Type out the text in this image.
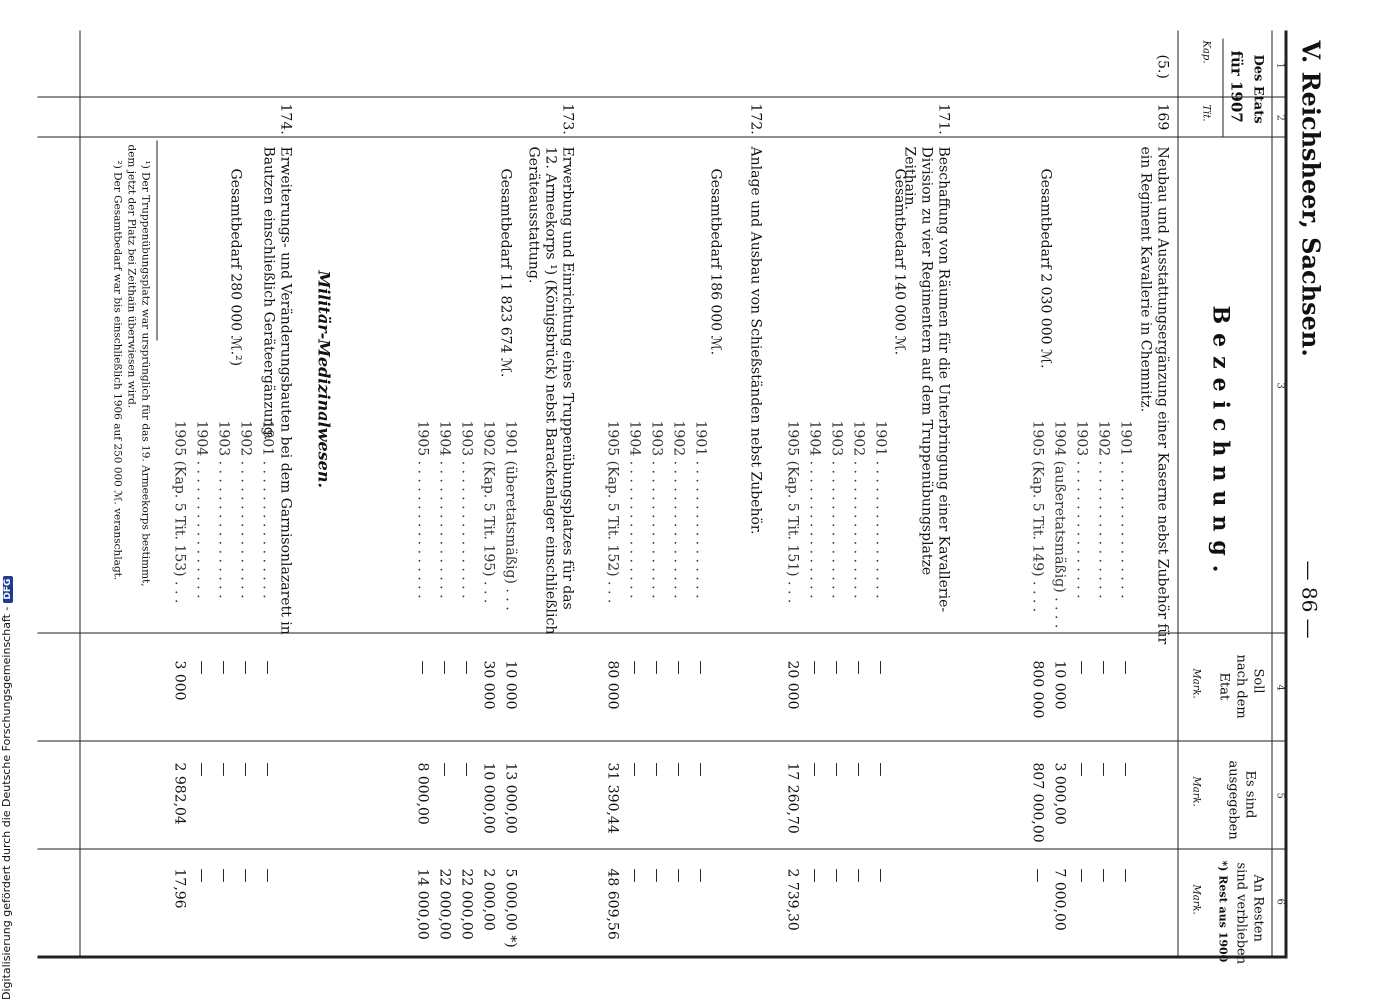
V. Reichsheer, Sachsen.
— 86 —
1
2
3
4
5
6
Des Etats
für 1907
Kap.
Tit.
Bezeichnung.
Soll
nach dem
Etat
Mark.
Es sind
ausgegeben
Mark.
An Resten
sind verblieben
*) Rest aus 1900
Mark.
(5.)
169
Neubau und Ausstattungsergänzung einer Kaserne nebst Zubehör für
ein Regiment Kavallerie in Chemnitz.
Gesamtbedarf 2 030 000 ℳ.
1901 . . . . . . . . . . . . . . . .
—
—
—
1902 . . . . . . . . . . . . . . . .
—
—
—
1903 . . . . . . . . . . . . . . . .
—
—
—
1904 (außeretatsmäßig) . . . .
10 000
3 000,00
7 000,00
1905 (Kap. 5 Tit. 149) . . . .
800 000
807 000,00
—
171.
Beschaffung von Räumen für die Unterbringung einer Kavallerie-
Division zu vier Regimentern auf dem Truppenübungsplatze
Zeithain.
Gesamtbedarf 140 000 ℳ.
1901 . . . . . . . . . . . . . . . .
—
—
—
1902 . . . . . . . . . . . . . . . .
—
—
—
1903 . . . . . . . . . . . . . . . .
—
—
—
1904 . . . . . . . . . . . . . . . .
—
—
—
1905 (Kap. 5 Tit. 151) . . .
20 000
17 260,70
2 739,30
172.
Anlage und Ausbau von Schießständen nebst Zubehör.
Gesamtbedarf 186 000 ℳ.
1901 . . . . . . . . . . . . . . . .
—
—
—
1902 . . . . . . . . . . . . . . . .
—
—
—
1903 . . . . . . . . . . . . . . . .
—
—
—
1904 . . . . . . . . . . . . . . . .
—
—
—
1905 (Kap. 5 Tit. 152) . . .
80 000
31 390,44
48 609,56
173.
Erwerbung und Einrichtung eines Truppenübungsplatzes für das
12. Armeekorps ¹) (Königsbrück) nebst Barackenlager einschließlich
Geräteausstattung.
Gesamtbedarf 11 823 674 ℳ.
1901 (überetatsmäßig) . . .
10 000
13 000,00
5 000,00 *)
1902 (Kap. 5 Tit. 195) . . .
30 000
10 000,00
2 000,00
1903 . . . . . . . . . . . . . . . .
—
—
22 000,00
1904 . . . . . . . . . . . . . . . .
—
—
22 000,00
1905 . . . . . . . . . . . . . . . .
—
8 000,00
14 000,00
Militär-Medizinalwesen.
174.
Erweiterungs- und Veränderungsbauten bei dem Garnisonlazarett in
Bautzen einschließlich Geräteergänzung.
Gesamtbedarf 280 000 ℳ.²)
1901 . . . . . . . . . . . . . . . .
—
—
—
1902 . . . . . . . . . . . . . . . .
—
—
—
1903 . . . . . . . . . . . . . . . .
—
—
—
1904 . . . . . . . . . . . . . . . .
—
—
—
1905 (Kap. 5 Tit. 153) . . .
3 000
2 982,04
17,96
¹) Der Truppenübungsplatz war ursprünglich für das 19. Armeekorps bestimmt,
dem jetzt der Platz bei Zeithain überwiesen wird.
²) Der Gesamtbedarf war bis einschließlich 1906 auf 250 000 ℳ. veranschlagt.
Digitalisierung gefördert durch die Deutsche Forschungsgemeinschaft -DFG
